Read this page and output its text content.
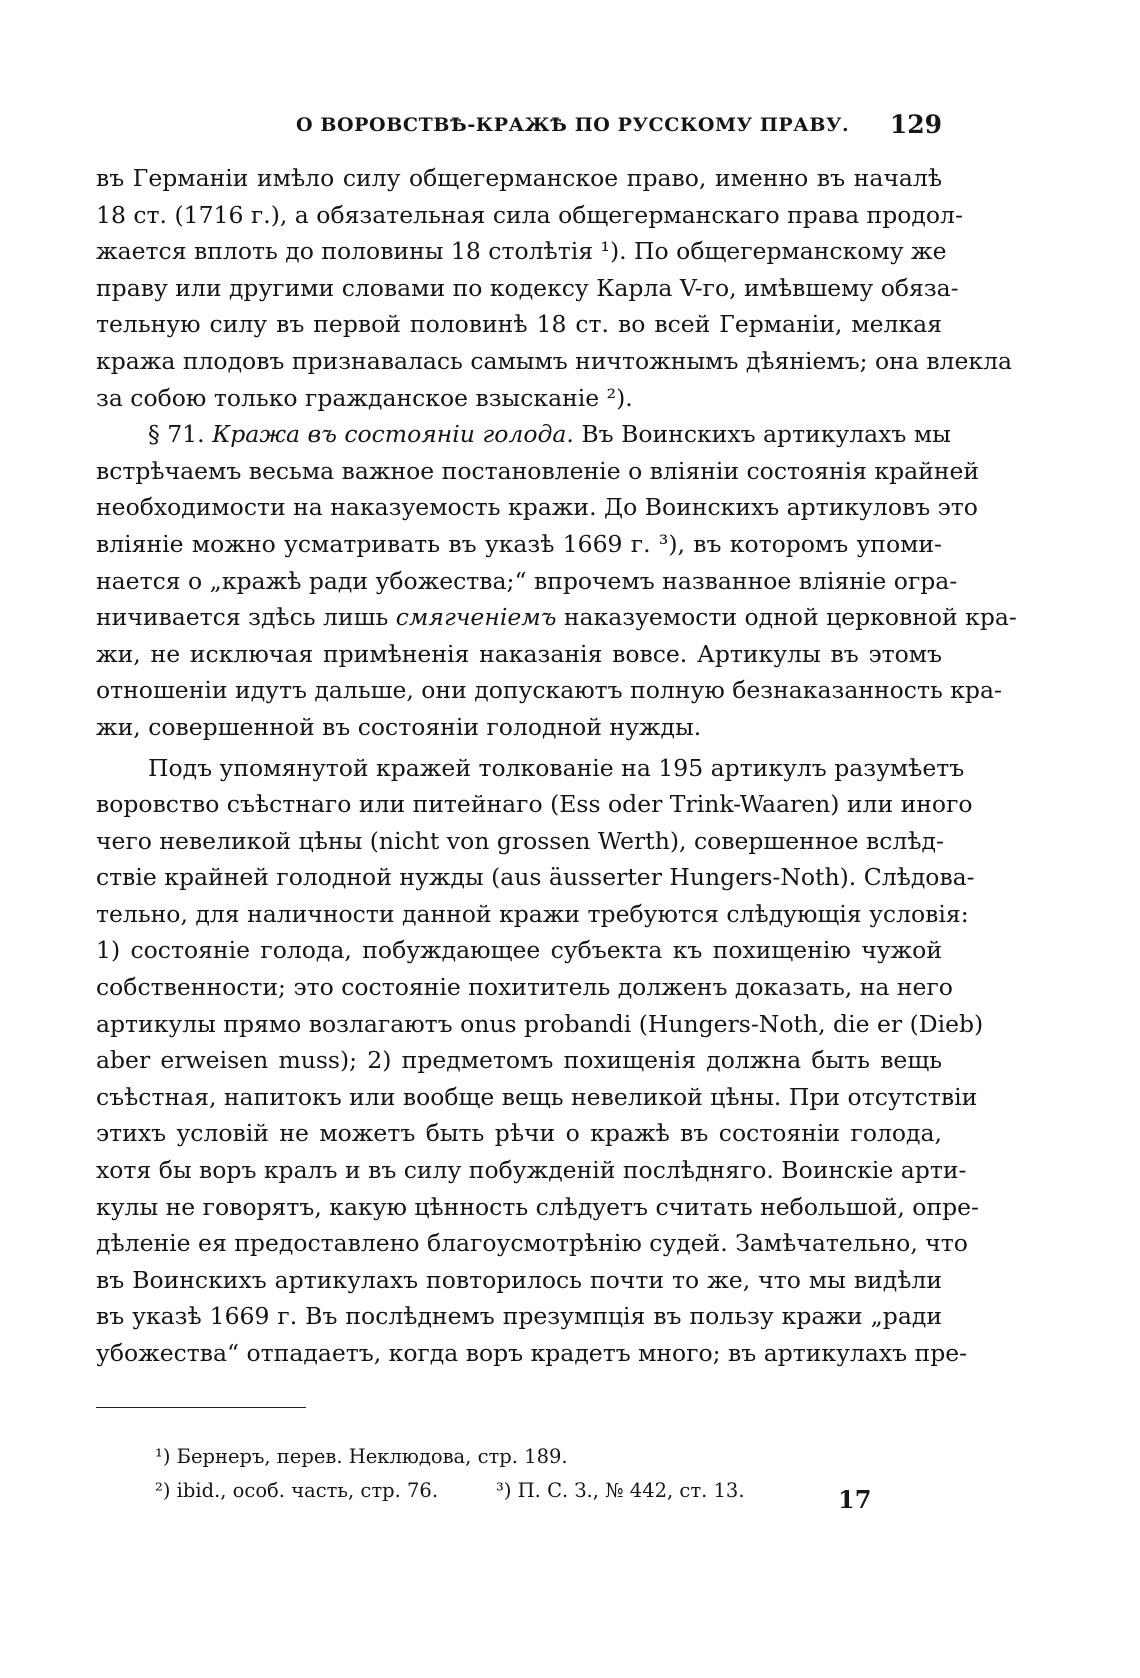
О ВОРОВСТВѢ-КРАЖѢ ПО РУССКОМУ ПРАВУ. 129
въ Германіи имѣло силу общегерманское право, именно въ началѣ
18 ст. (1716 г.), а обязательная сила общегерманскаго права продол-
жается вплоть до половины 18 столѣтія ¹). По общегерманскому же
праву или другими словами по кодексу Карла V-го, имѣвшему обяза-
тельную силу въ первой половинѣ 18 ст. во всей Германіи, мелкая
кража плодовъ признавалась самымъ ничтожнымъ дѣяніемъ; она влекла
за собою только гражданское взысканіе ²).
§ 71. Кража въ состояніи голода. Въ Воинскихъ артикулахъ мы
встрѣчаемъ весьма важное постановленіе о вліяніи состоянія крайней
необходимости на наказуемость кражи. До Воинскихъ артикуловъ это
вліяніе можно усматривать въ указѣ 1669 г. ³), въ которомъ упоми-
нается о „кражѣ ради убожества;“ впрочемъ названное вліяніе огра-
ничивается здѣсь лишь смягченіемъ наказуемости одной церковной кра-
жи, не исключая примѣненія наказанія вовсе. Артикулы въ этомъ
отношеніи идутъ дальше, они допускаютъ полную безнаказанность кра-
жи, совершенной въ состояніи голодной нужды.
Подъ упомянутой кражей толкованіе на 195 артикулъ разумѣетъ
воровство съѣстнаго или питейнаго (Ess oder Trink-Waaren) или иного
чего невеликой цѣны (nicht von grossen Werth), совершенное вслѣд-
ствіе крайней голодной нужды (aus äusserter Hungers-Noth). Слѣдова-
тельно, для наличности данной кражи требуются слѣдующія условія:
1) состояніе голода, побуждающее субъекта къ похищенію чужой
собственности; это состояніе похититель долженъ доказать, на него
артикулы прямо возлагаютъ onus probandi (Hungers-Noth, die er (Dieb)
aber erweisen muss); 2) предметомъ похищенія должна быть вещь
съѣстная, напитокъ или вообще вещь невеликой цѣны. При отсутствіи
этихъ условій не можетъ быть рѣчи о кражѣ въ состояніи голода,
хотя бы воръ кралъ и въ силу побужденій послѣдняго. Воинскіе арти-
кулы не говорятъ, какую цѣнность слѣдуетъ считать небольшой, опре-
дѣленіе ея предоставлено благоусмотрѣнію судей. Замѣчательно, что
въ Воинскихъ артикулахъ повторилось почти то же, что мы видѣли
въ указѣ 1669 г. Въ послѣднемъ презумпція въ пользу кражи „ради
убожества“ отпадаетъ, когда воръ крадетъ много; въ артикулахъ пре-
¹) Бернеръ, перев. Неклюдова, стр. 189.
²) ibid., особ. часть, стр. 76.	³) П. С. З., № 442, ст. 13.	17
